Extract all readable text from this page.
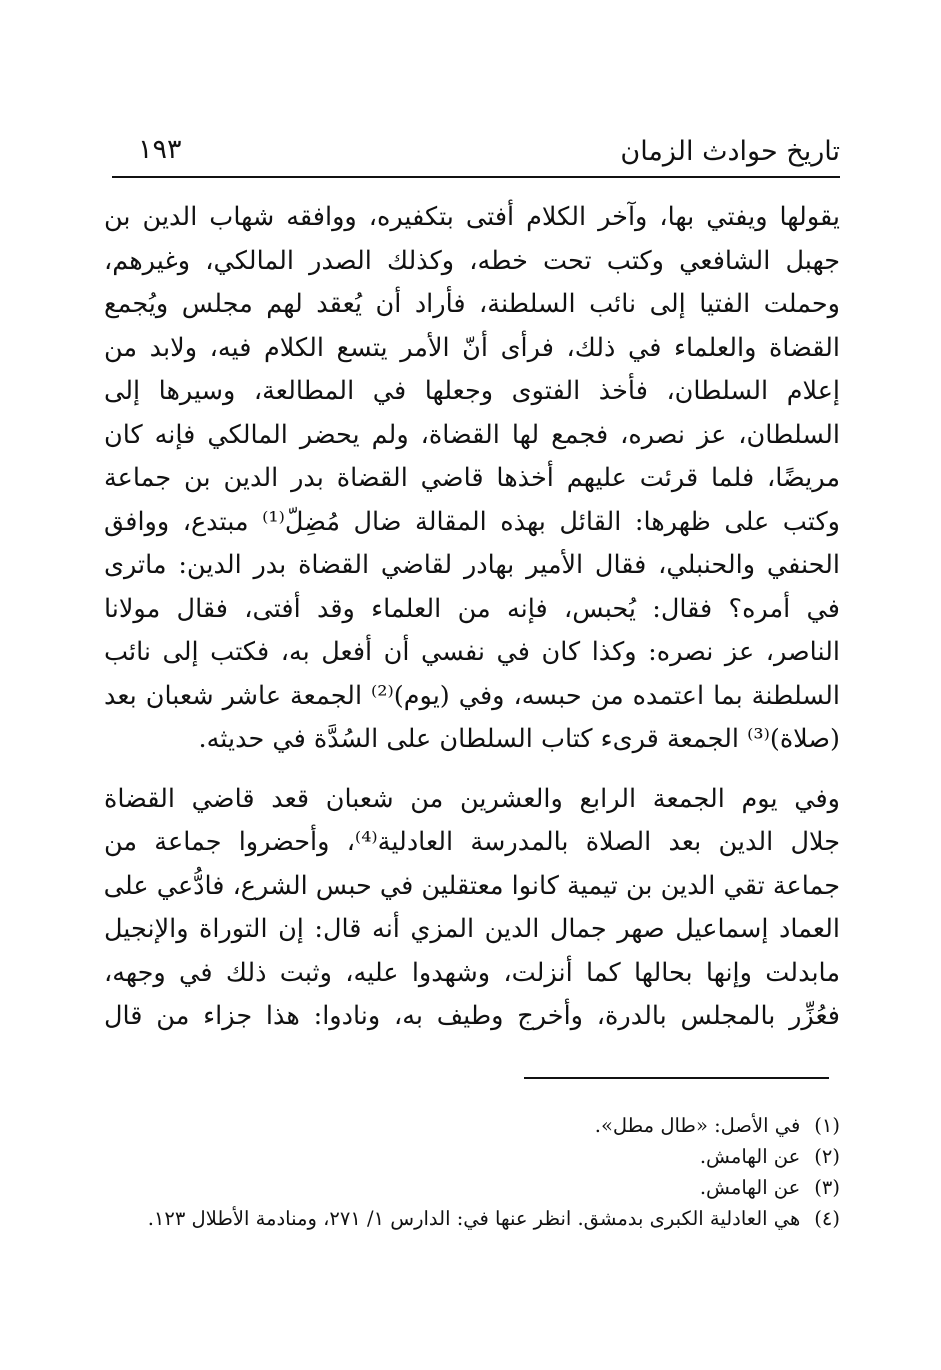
تاريخ حوادث الزمان
١٩٣
يقولها ويفتي بها، وآخر الكلام أفتى بتكفيره، ووافقه شهاب الدين بن
جهبل الشافعي وكتب تحت خطه، وكذلك الصدر المالكي، وغيرهم،
وحملت الفتيا إلى نائب السلطنة، فأراد أن يُعقد لهم مجلس ويُجمع
القضاة والعلماء في ذلك، فرأى أنّ الأمر يتسع الكلام فيه، ولابد من
إعلام السلطان، فأخذ الفتوى وجعلها في المطالعة، وسيرها إلى
السلطان، عز نصره، فجمع لها القضاة، ولم يحضر المالكي فإنه كان
مريضًا، فلما قرئت عليهم أخذها قاضي القضاة بدر الدين بن جماعة
وكتب على ظهرها: القائل بهذه المقالة ضال مُضِلّ⁽¹⁾ مبتدع، ووافق
الحنفي والحنبلي، فقال الأمير بهادر لقاضي القضاة بدر الدين: ماترى
في أمره؟ فقال: يُحبس، فإنه من العلماء وقد أفتى، فقال مولانا
الناصر، عز نصره: وكذا كان في نفسي أن أفعل به، فكتب إلى نائب
السلطنة بما اعتمده من حبسه، وفي (يوم)⁽²⁾ الجمعة عاشر شعبان بعد
(صلاة)⁽³⁾ الجمعة قرىء كتاب السلطان على السُدَّة في حديثه.
وفي يوم الجمعة الرابع والعشرين من شعبان قعد قاضي القضاة
جلال الدين بعد الصلاة بالمدرسة العادلية⁽⁴⁾، وأحضروا جماعة من
جماعة تقي الدين بن تيمية كانوا معتقلين في حبس الشرع، فادُّعي على
العماد إسماعيل صهر جمال الدين المزي أنه قال: إن التوراة والإنجيل
مابدلت وإنها بحالها كما أنزلت، وشهدوا عليه، وثبت ذلك في وجهه،
فعُزِّر بالمجلس بالدرة، وأخرج وطيف به، ونادوا: هذا جزاء من قال
(١)في الأصل: «طال مطل».
(٢)عن الهامش.
(٣)عن الهامش.
(٤)هي العادلية الكبرى بدمشق. انظر عنها في: الدارس ١/ ٢٧١، ومنادمة الأطلال ١٢٣.
